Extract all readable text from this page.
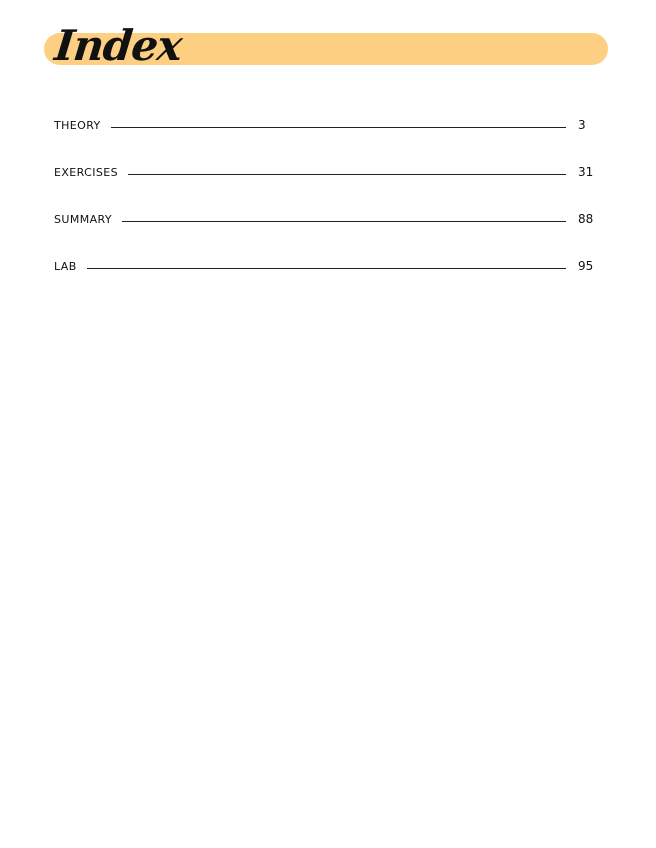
Index
THEORY	3
EXERCISES	31
SUMMARY	88
LAB	95
